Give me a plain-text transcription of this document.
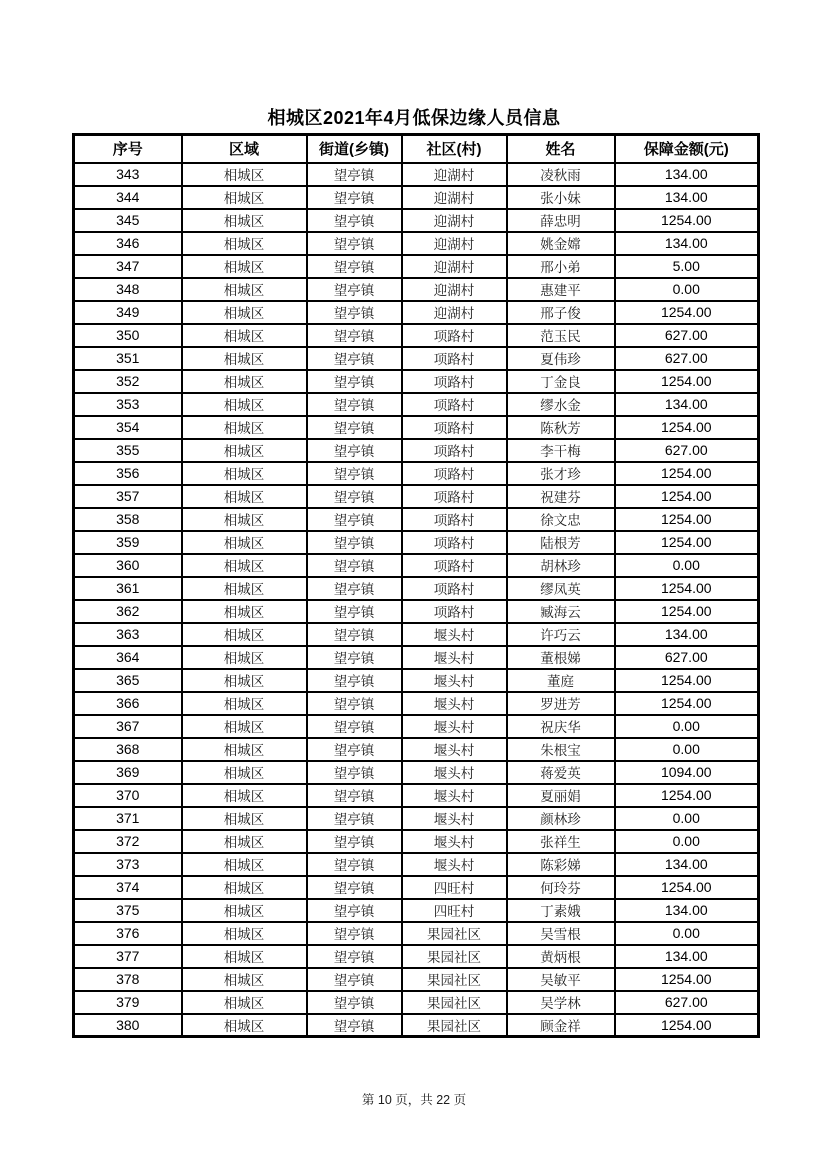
相城区2021年4月低保边缘人员信息
序号	区域	街道(乡镇)	社区(村)	姓名	保障金额(元)
343	相城区	望亭镇	迎湖村	凌秋雨	134.00
344	相城区	望亭镇	迎湖村	张小妹	134.00
345	相城区	望亭镇	迎湖村	薛忠明	1254.00
346	相城区	望亭镇	迎湖村	姚金嫦	134.00
347	相城区	望亭镇	迎湖村	邢小弟	5.00
348	相城区	望亭镇	迎湖村	惠建平	0.00
349	相城区	望亭镇	迎湖村	邢子俊	1254.00
350	相城区	望亭镇	项路村	范玉民	627.00
351	相城区	望亭镇	项路村	夏伟珍	627.00
352	相城区	望亭镇	项路村	丁金良	1254.00
353	相城区	望亭镇	项路村	缪水金	134.00
354	相城区	望亭镇	项路村	陈秋芳	1254.00
355	相城区	望亭镇	项路村	李干梅	627.00
356	相城区	望亭镇	项路村	张才珍	1254.00
357	相城区	望亭镇	项路村	祝建芬	1254.00
358	相城区	望亭镇	项路村	徐文忠	1254.00
359	相城区	望亭镇	项路村	陆根芳	1254.00
360	相城区	望亭镇	项路村	胡林珍	0.00
361	相城区	望亭镇	项路村	缪凤英	1254.00
362	相城区	望亭镇	项路村	臧海云	1254.00
363	相城区	望亭镇	堰头村	许巧云	134.00
364	相城区	望亭镇	堰头村	董根娣	627.00
365	相城区	望亭镇	堰头村	董庭	1254.00
366	相城区	望亭镇	堰头村	罗进芳	1254.00
367	相城区	望亭镇	堰头村	祝庆华	0.00
368	相城区	望亭镇	堰头村	朱根宝	0.00
369	相城区	望亭镇	堰头村	蒋爱英	1094.00
370	相城区	望亭镇	堰头村	夏丽娟	1254.00
371	相城区	望亭镇	堰头村	颜林珍	0.00
372	相城区	望亭镇	堰头村	张祥生	0.00
373	相城区	望亭镇	堰头村	陈彩娣	134.00
374	相城区	望亭镇	四旺村	何玲芬	1254.00
375	相城区	望亭镇	四旺村	丁素娥	134.00
376	相城区	望亭镇	果园社区	吴雪根	0.00
377	相城区	望亭镇	果园社区	黄炳根	134.00
378	相城区	望亭镇	果园社区	吴敏平	1254.00
379	相城区	望亭镇	果园社区	吴学林	627.00
380	相城区	望亭镇	果园社区	顾金祥	1254.00
第 10 页，共 22 页
